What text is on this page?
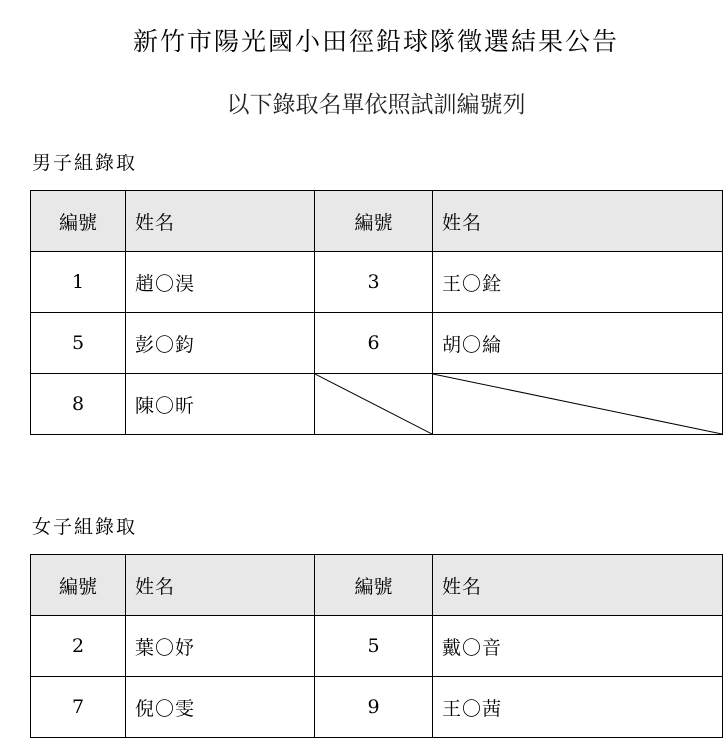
新竹市陽光國小田徑鉛球隊徵選結果公告
以下錄取名單依照試訓編號列
男子組錄取
編號	姓名	編號	姓名
1	趙〇淏	3	王〇銓
5	彭〇鈞	6	胡〇綸
8	陳〇昕	

女子組錄取
編號	姓名	編號	姓名
2	葉〇妤	5	戴〇音
7	倪〇雯	9	王〇茜
